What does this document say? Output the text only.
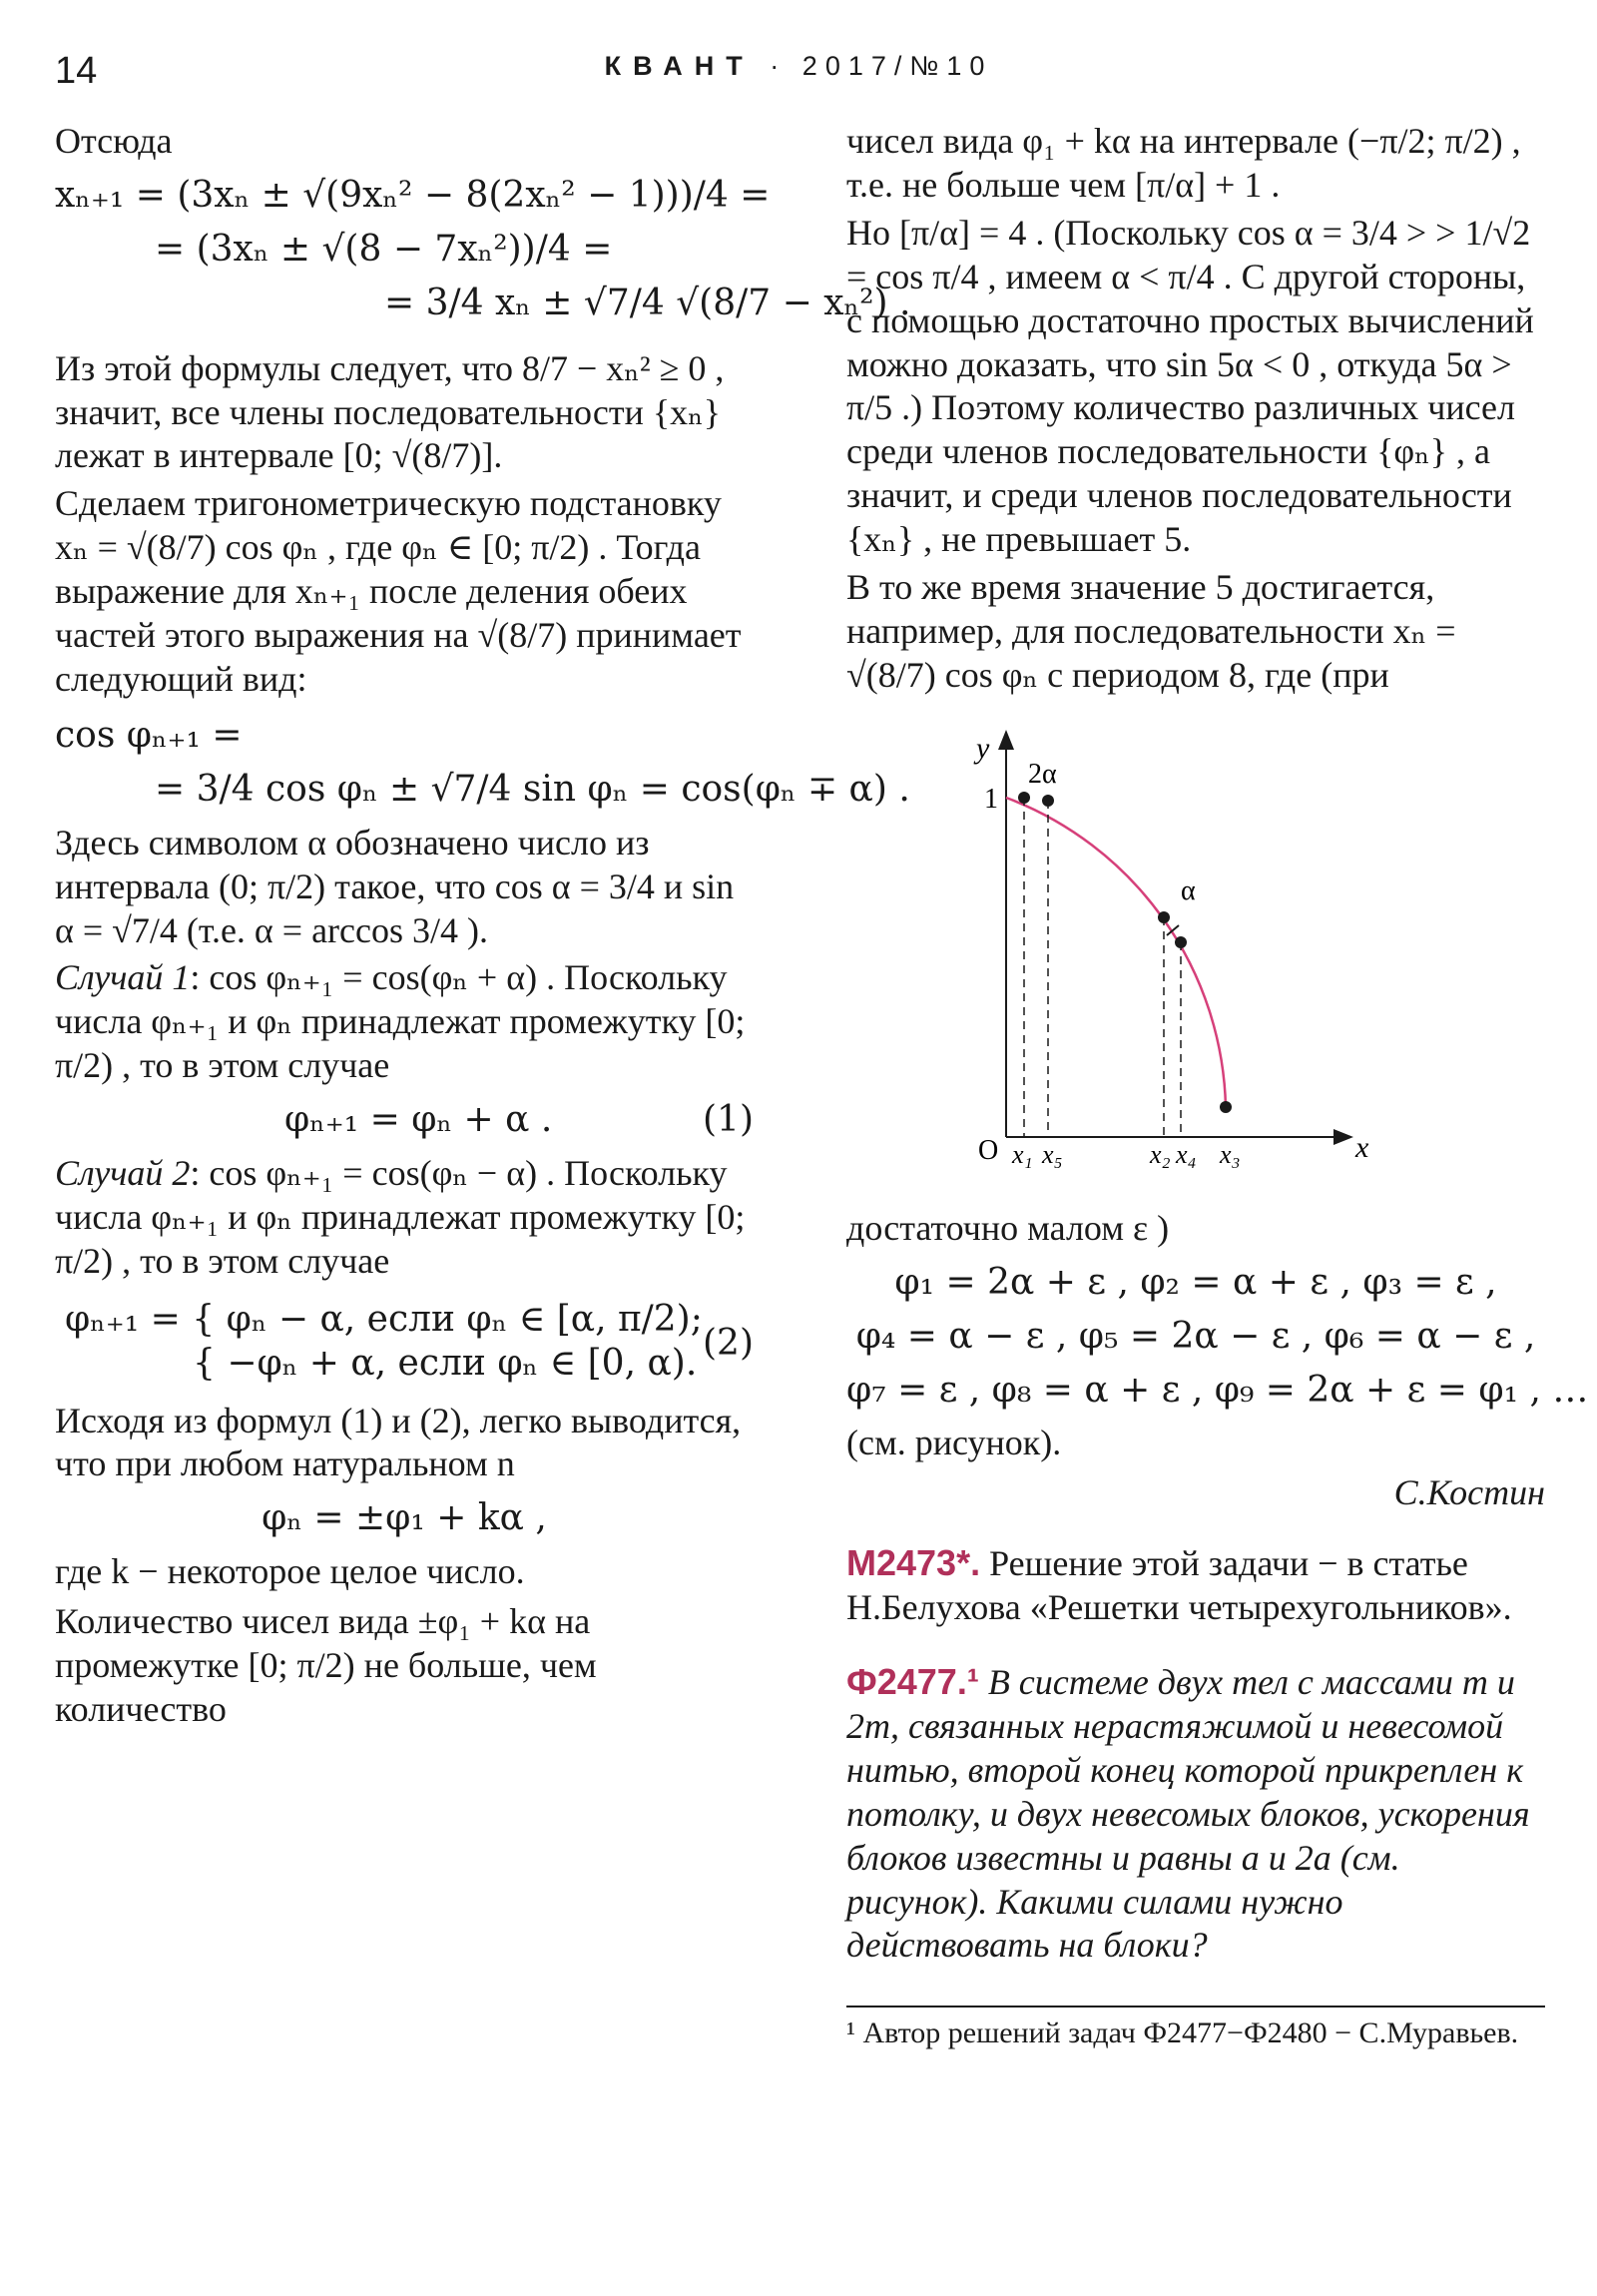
14	КВАНТ · 2017/№10
Отсюда
xₙ₊₁ = (3xₙ ± √(9xₙ² − 8(2xₙ² − 1)))/4 =
= (3xₙ ± √(8 − 7xₙ²))/4 =
= 3/4 xₙ ± √7/4 √(8/7 − xₙ²) .
Из этой формулы следует, что 8/7 − xₙ² ≥ 0 , значит, все члены последовательности {xₙ} лежат в интервале [0; √(8/7)].
Сделаем тригонометрическую подстановку xₙ = √(8/7) cos φₙ , где φₙ ∈ [0; π/2) . Тогда выражение для xₙ₊₁ после деления обеих частей этого выражения на √(8/7) принимает следующий вид:
cos φₙ₊₁ =
= 3/4 cos φₙ ± √7/4 sin φₙ = cos(φₙ ∓ α) .
Здесь символом α обозначено число из интервала (0; π/2) такое, что cos α = 3/4 и sin α = √7/4 (т.е. α = arccos 3/4 ).
Случай 1: cos φₙ₊₁ = cos(φₙ + α) . Поскольку числа φₙ₊₁ и φₙ принадлежат промежутку [0; π/2) , то в этом случае
φₙ₊₁ = φₙ + α .	(1)
Случай 2: cos φₙ₊₁ = cos(φₙ − α) . Поскольку числа φₙ₊₁ и φₙ принадлежат промежутку [0; π/2) , то в этом случае
φₙ₊₁ = { φₙ − α, если φₙ ∈ [α, π/2);
{ −φₙ + α, если φₙ ∈ [0, α). (2)
Исходя из формул (1) и (2), легко выводится, что при любом натуральном n
φₙ = ±φ₁ + kα ,
где k − некоторое целое число.
Количество чисел вида ±φ₁ + kα на промежутке [0; π/2) не больше, чем количество
чисел вида φ₁ + kα на интервале (−π/2; π/2) , т.е. не больше чем [π/α] + 1 .
Но [π/α] = 4 . (Поскольку cos α = 3/4 > > 1/√2 = cos π/4 , имеем α < π/4 . С другой стороны, с помощью достаточно простых вычислений можно доказать, что sin 5α < 0 , откуда 5α > π/5 .) Поэтому количество различных чисел среди членов последовательности {φₙ} , а значит, и среди членов последовательности {xₙ} , не превышает 5.
В то же время значение 5 достигается, например, для последовательности xₙ = √(8/7) cos φₙ с периодом 8, где (при
y
x
O
1
2α
α
x₁ x₅	x₂ x₄ x₃
достаточно малом ε )
φ₁ = 2α + ε , φ₂ = α + ε , φ₃ = ε ,
φ₄ = α − ε , φ₅ = 2α − ε , φ₆ = α − ε ,
φ₇ = ε , φ₈ = α + ε , φ₉ = 2α + ε = φ₁ , …
(см. рисунок).
С.Костин
М2473*. Решение этой задачи − в статье Н.Белухова «Решетки четырехугольников».
Ф2477.¹ В системе двух тел с массами m и 2m, связанных нерастяжимой и невесомой нитью, второй конец которой прикреплен к потолку, и двух невесомых блоков, ускорения блоков известны и равны a и 2a (см. рисунок). Какими силами нужно действовать на блоки?
¹ Автор решений задач Ф2477−Ф2480 − С.Муравьев.
